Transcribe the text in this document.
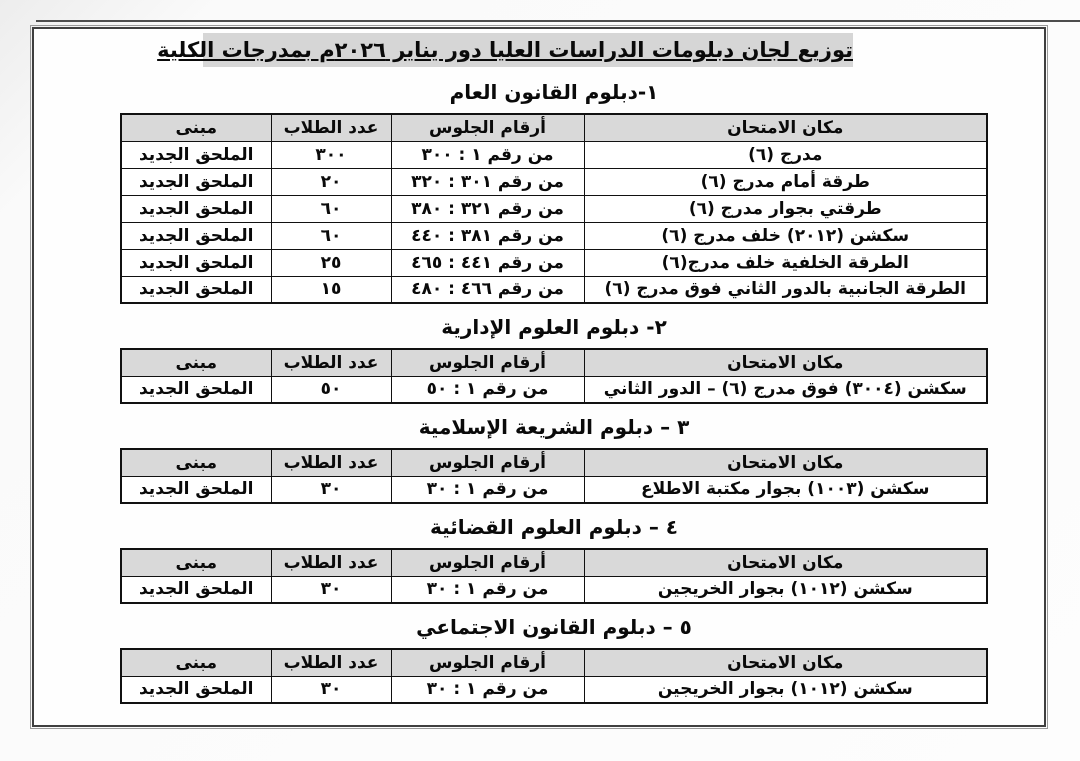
توزيع لجان دبلومات الدراسات العليا دور يناير ٢٠٢٦م بمدرجات الكلية
١-دبلوم القانون العام
مكان الامتحان	أرقام الجلوس	عدد الطلاب	مبنى
مدرج (٦)	من رقم ١ : ٣٠٠	٣٠٠	الملحق الجديد
طرقة أمام مدرج (٦)	من رقم ٣٠١ : ٣٢٠	٢٠	الملحق الجديد
طرقتي بجوار مدرج (٦)	من رقم ٣٢١ : ٣٨٠	٦٠	الملحق الجديد
سكشن (٢٠١٢) خلف مدرج (٦)	من رقم ٣٨١ : ٤٤٠	٦٠	الملحق الجديد
الطرقة الخلفية خلف مدرج(٦)	من رقم ٤٤١ : ٤٦٥	٢٥	الملحق الجديد
الطرقة الجانبية بالدور الثاني فوق مدرج (٦)	من رقم ٤٦٦ : ٤٨٠	١٥	الملحق الجديد
٢- دبلوم العلوم الإدارية
مكان الامتحان	أرقام الجلوس	عدد الطلاب	مبنى
سكشن (٣٠٠٤) فوق مدرج (٦) – الدور الثاني	من رقم ١ : ٥٠	٥٠	الملحق الجديد
٣ – دبلوم الشريعة الإسلامية
مكان الامتحان	أرقام الجلوس	عدد الطلاب	مبنى
سكشن (١٠٠٣) بجوار مكتبة الاطلاع	من رقم ١ : ٣٠	٣٠	الملحق الجديد
٤ – دبلوم العلوم القضائية
مكان الامتحان	أرقام الجلوس	عدد الطلاب	مبنى
سكشن (١٠١٢) بجوار الخريجين	من رقم ١ : ٣٠	٣٠	الملحق الجديد
٥ – دبلوم القانون الاجتماعي
مكان الامتحان	أرقام الجلوس	عدد الطلاب	مبنى
سكشن (١٠١٢) بجوار الخريجين	من رقم ١ : ٣٠	٣٠	الملحق الجديد
